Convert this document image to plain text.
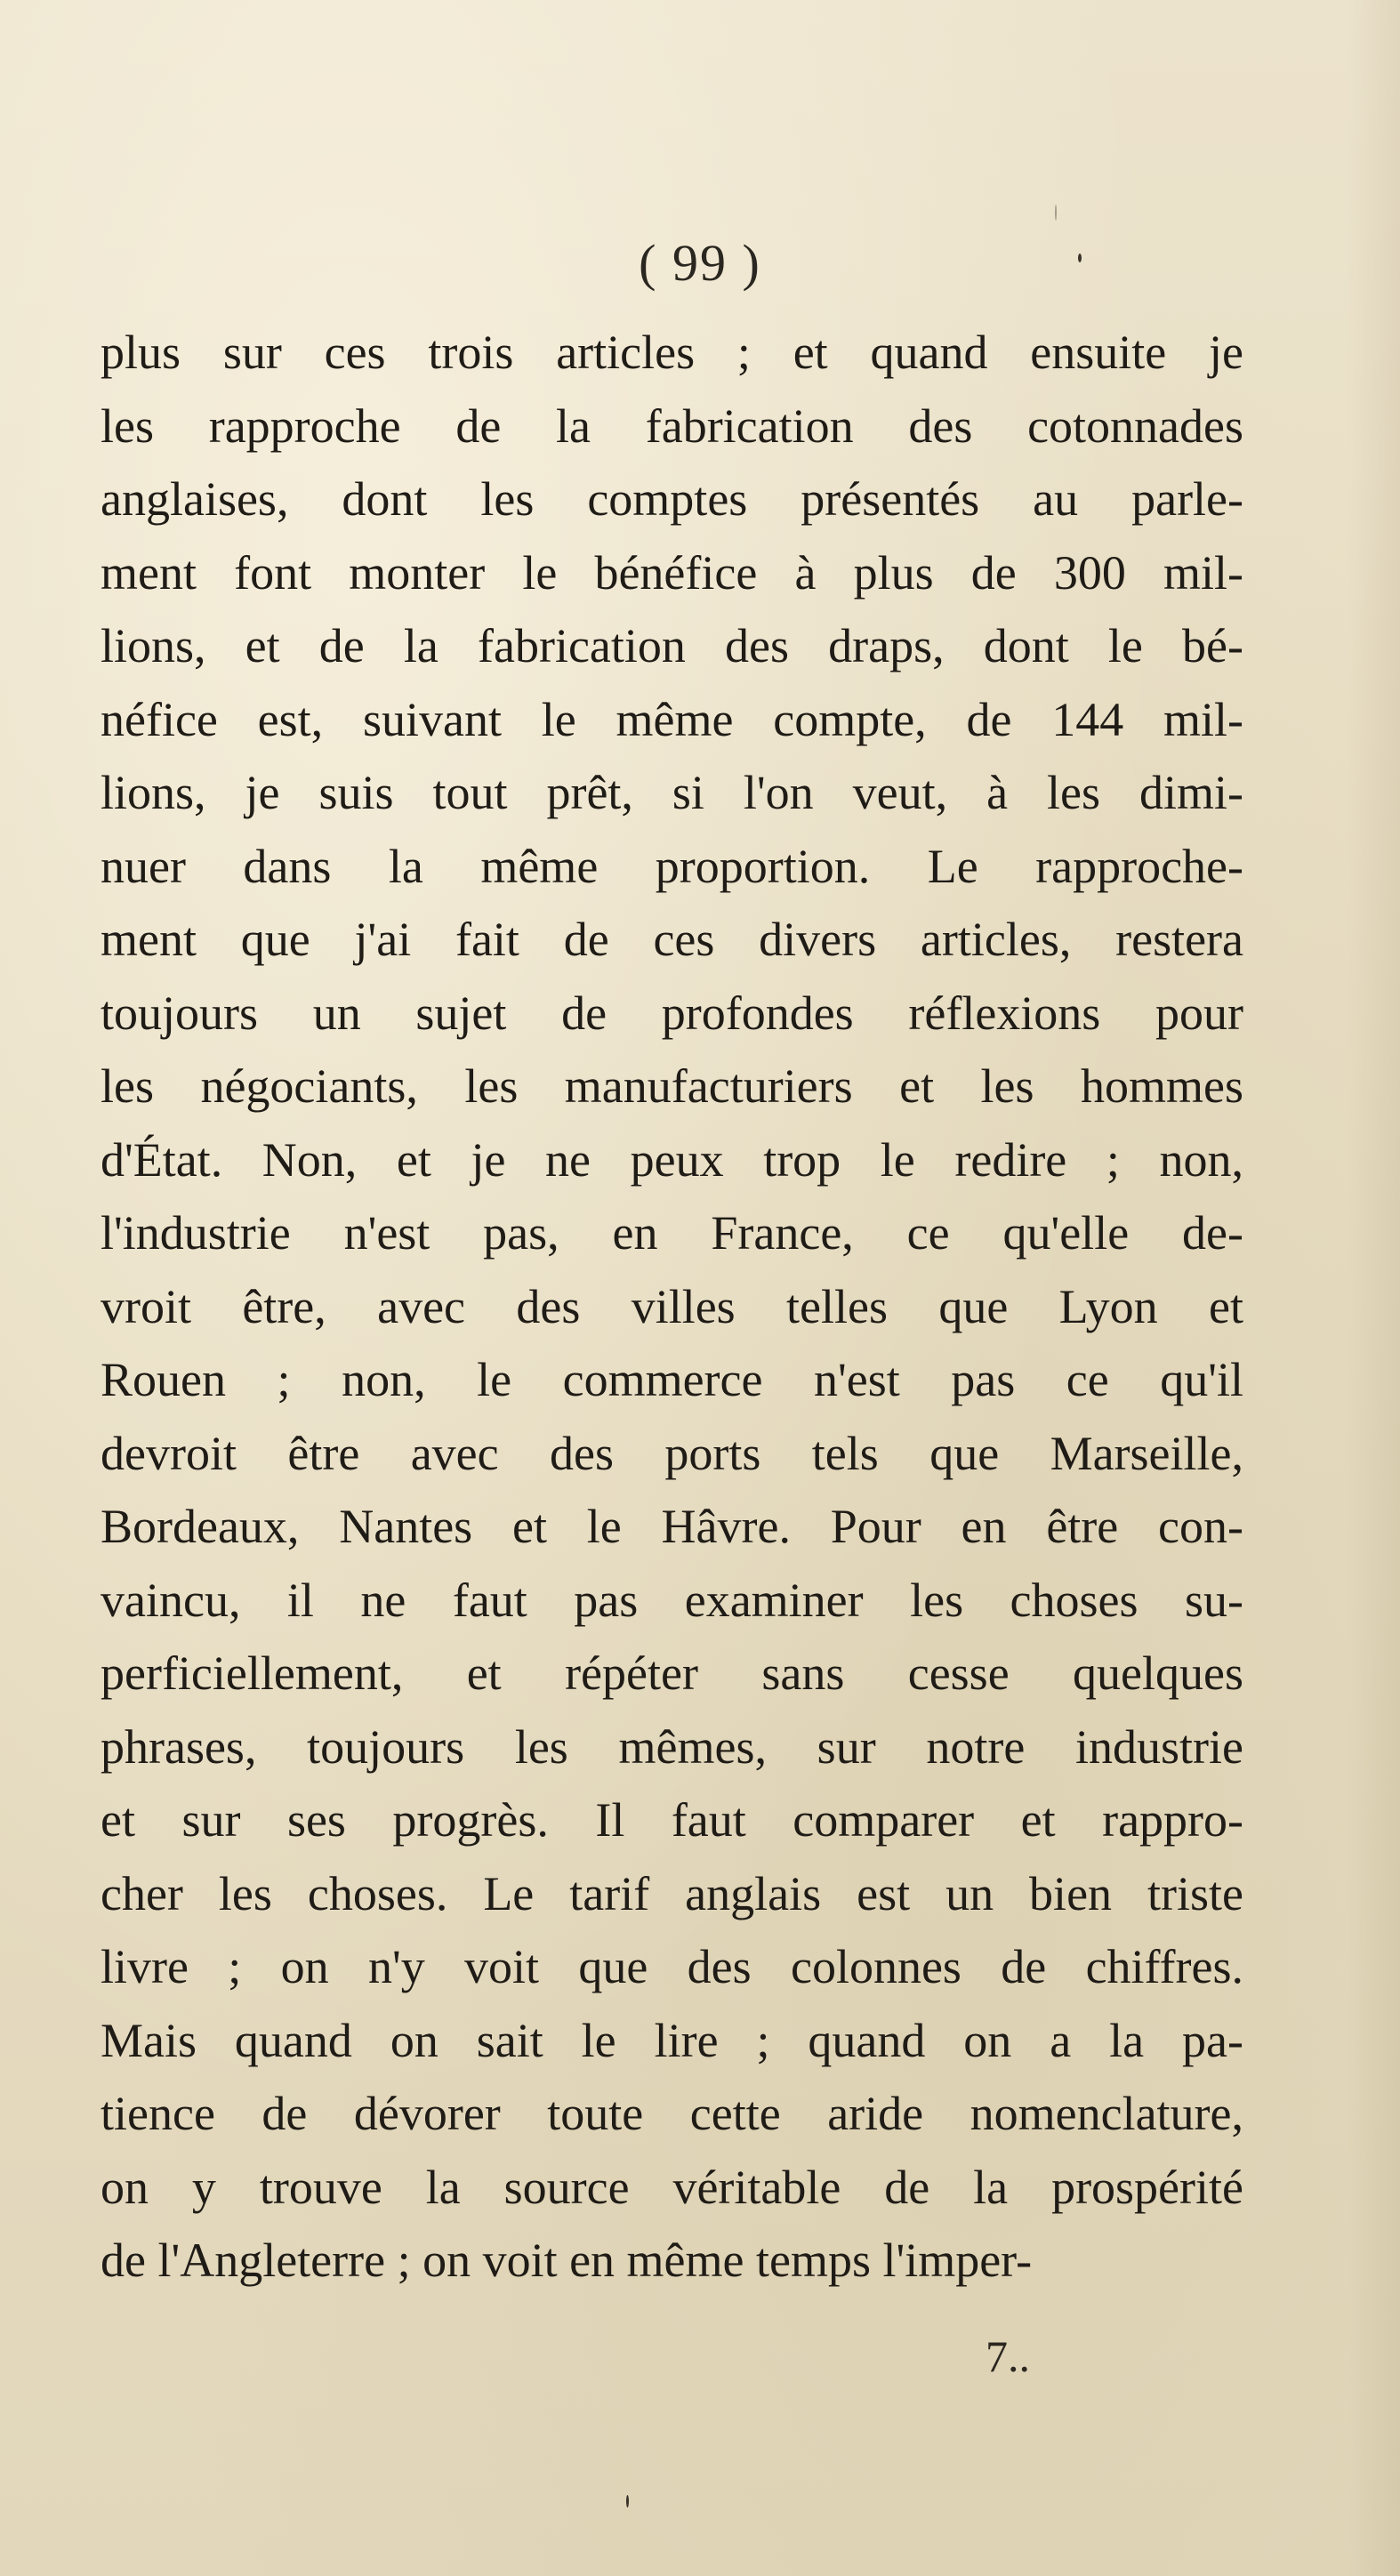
( 99 )
plus sur ces trois articles ; et quand ensuite je
les rapproche de la fabrication des cotonnades
anglaises, dont les comptes présentés au parle-
ment font monter le bénéfice à plus de 300 mil-
lions, et de la fabrication des draps, dont le bé-
néfice est, suivant le même compte, de 144 mil-
lions, je suis tout prêt, si l'on veut, à les dimi-
nuer dans la même proportion. Le rapproche-
ment que j'ai fait de ces divers articles, restera
toujours un sujet de profondes réflexions pour
les négociants, les manufacturiers et les hommes
d'État. Non, et je ne peux trop le redire ; non,
l'industrie n'est pas, en France, ce qu'elle de-
vroit être, avec des villes telles que Lyon et
Rouen ; non, le commerce n'est pas ce qu'il
devroit être avec des ports tels que Marseille,
Bordeaux, Nantes et le Hâvre. Pour en être con-
vaincu, il ne faut pas examiner les choses su-
perficiellement, et répéter sans cesse quelques
phrases, toujours les mêmes, sur notre industrie
et sur ses progrès. Il faut comparer et rappro-
cher les choses. Le tarif anglais est un bien triste
livre ; on n'y voit que des colonnes de chiffres.
Mais quand on sait le lire ; quand on a la pa-
tience de dévorer toute cette aride nomenclature,
on y trouve la source véritable de la prospérité
de l'Angleterre ; on voit en même temps l'imper-
7..
